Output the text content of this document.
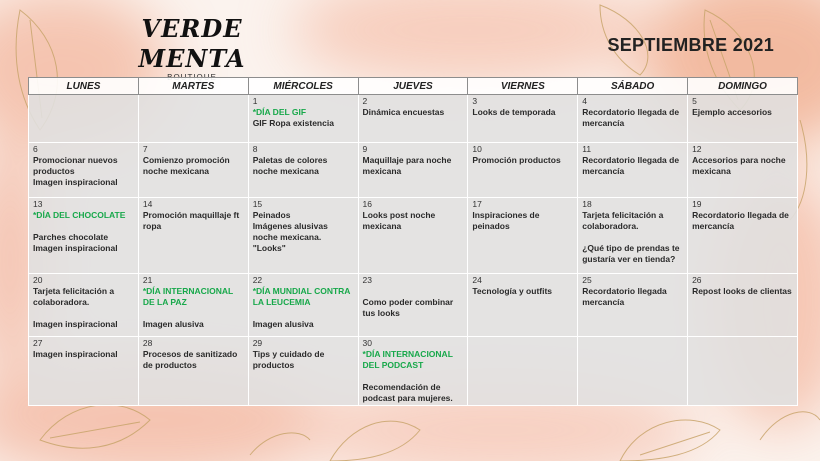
VERDE MENTA	SEPTIEMBRE 2021
LUNES	MARTES	MIÉRCOLES	JUEVES	VIERNES	SÁBADO	DOMINGO

		1
*DÍA DEL GIF
GIF Ropa existencia	2
Dinámica encuestas	3
Looks de temporada	4
Recordatorio llegada de mercancía	5
Ejemplo accesorios

6
Promocionar nuevos productos
Imagen inspiracional	7
Comienzo promoción noche mexicana	8
Paletas de colores noche mexicana	9
Maquillaje para noche mexicana	10
Promoción productos	11
Recordatorio llegada de mercancía	12
Accesorios para noche mexicana

13
*DÍA DEL CHOCOLATE
Parches chocolate
Imagen inspiracional	14
Promoción maquillaje ft ropa	15
Peinados
Imágenes alusivas noche mexicana.
"Looks"	16
Looks post noche mexicana	17
Inspiraciones de peinados	18
Tarjeta felicitación a colaboradora.
¿Qué tipo de prendas te gustaría ver en tienda?	19
Recordatorio llegada de mercancía

20
Tarjeta felicitación a colaboradora.
Imagen inspiracional	21
*DÍA INTERNACIONAL DE LA PAZ
Imagen alusiva	22
*DÍA MUNDIAL CONTRA LA LEUCEMIA
Imagen alusiva	23
Como poder combinar tus looks	24
Tecnología y outfits	25
Recordatorio llegada mercancía	26
Repost looks de clientas

27
Imagen inspiracional	28
Procesos de sanitizado de productos	29
Tips y cuidado de productos	30
*DÍA INTERNACIONAL DEL PODCAST
Recomendación de podcast para mujeres.			
